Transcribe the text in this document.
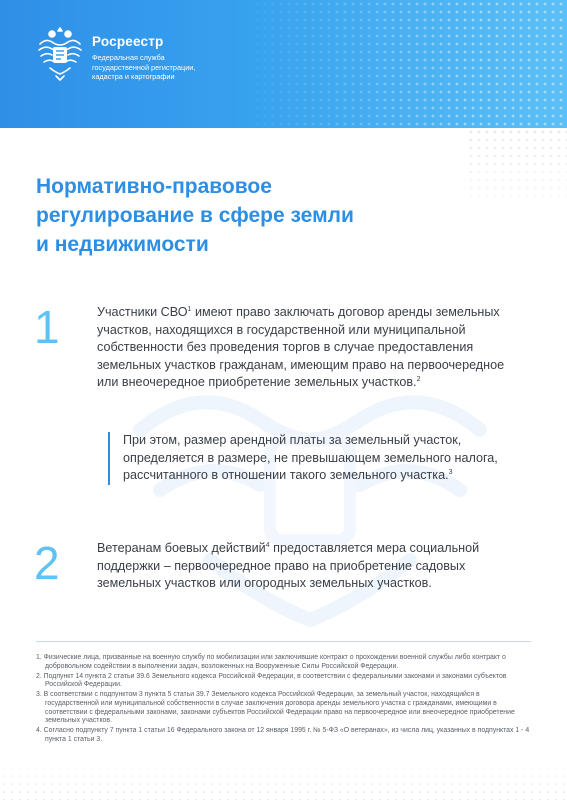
Росреестр
Федеральная служба
государственной регистрации,
кадастра и картографии
Нормативно-правовое
регулирование в сфере земли
и недвижимости
1	Участники СВО$^1$ имеют право заключать договор аренды земельных участков, находящихся в государственной или муниципальной собственности без проведения торгов в случае предоставления земельных участков гражданам, имеющим право на первоочередное или внеочередное приобретение земельных участков.$^2$
При этом, размер арендной платы за земельный участок, определяется в размере, не превышающем земельного налога, рассчитанного в отношении такого земельного участка.$^3$
2	Ветеранам боевых действий$^4$ предоставляется мера социальной поддержки – первоочередное право на приобретение садовых земельных участков или огородных земельных участков.
1. Физические лица, призванные на военную службу по мобилизации или заключившие контракт о прохождении военной службы либо контракт о добровольном содействии в выполнении задач, возложенных на Вооруженные Силы Российской Федерации.
2. Подпункт 14 пункта 2 статьи 39.6 Земельного кодекса Российской Федерации, в соответствии с федеральными законами и законами субъектов Российской Федерации.
3. В соответствии с подпунктом 3 пункта 5 статьи 39.7 Земельного кодекса Российской Федерации, за земельный участок, находящийся в государственной или муниципальной собственности в случае заключения договора аренды земельного участка с гражданами, имеющими в соответствии с федеральными законами, законами субъектов Российской Федерации право на первоочередное или внеочередное приобретение земельных участков.
4. Согласно подпункту 7 пункта 1 статьи 16 Федерального закона от 12 января 1995 г. № 5-ФЗ «О ветеранах», из числа лиц, указанных в подпунктах 1 - 4 пункта 1 статьи 3.
